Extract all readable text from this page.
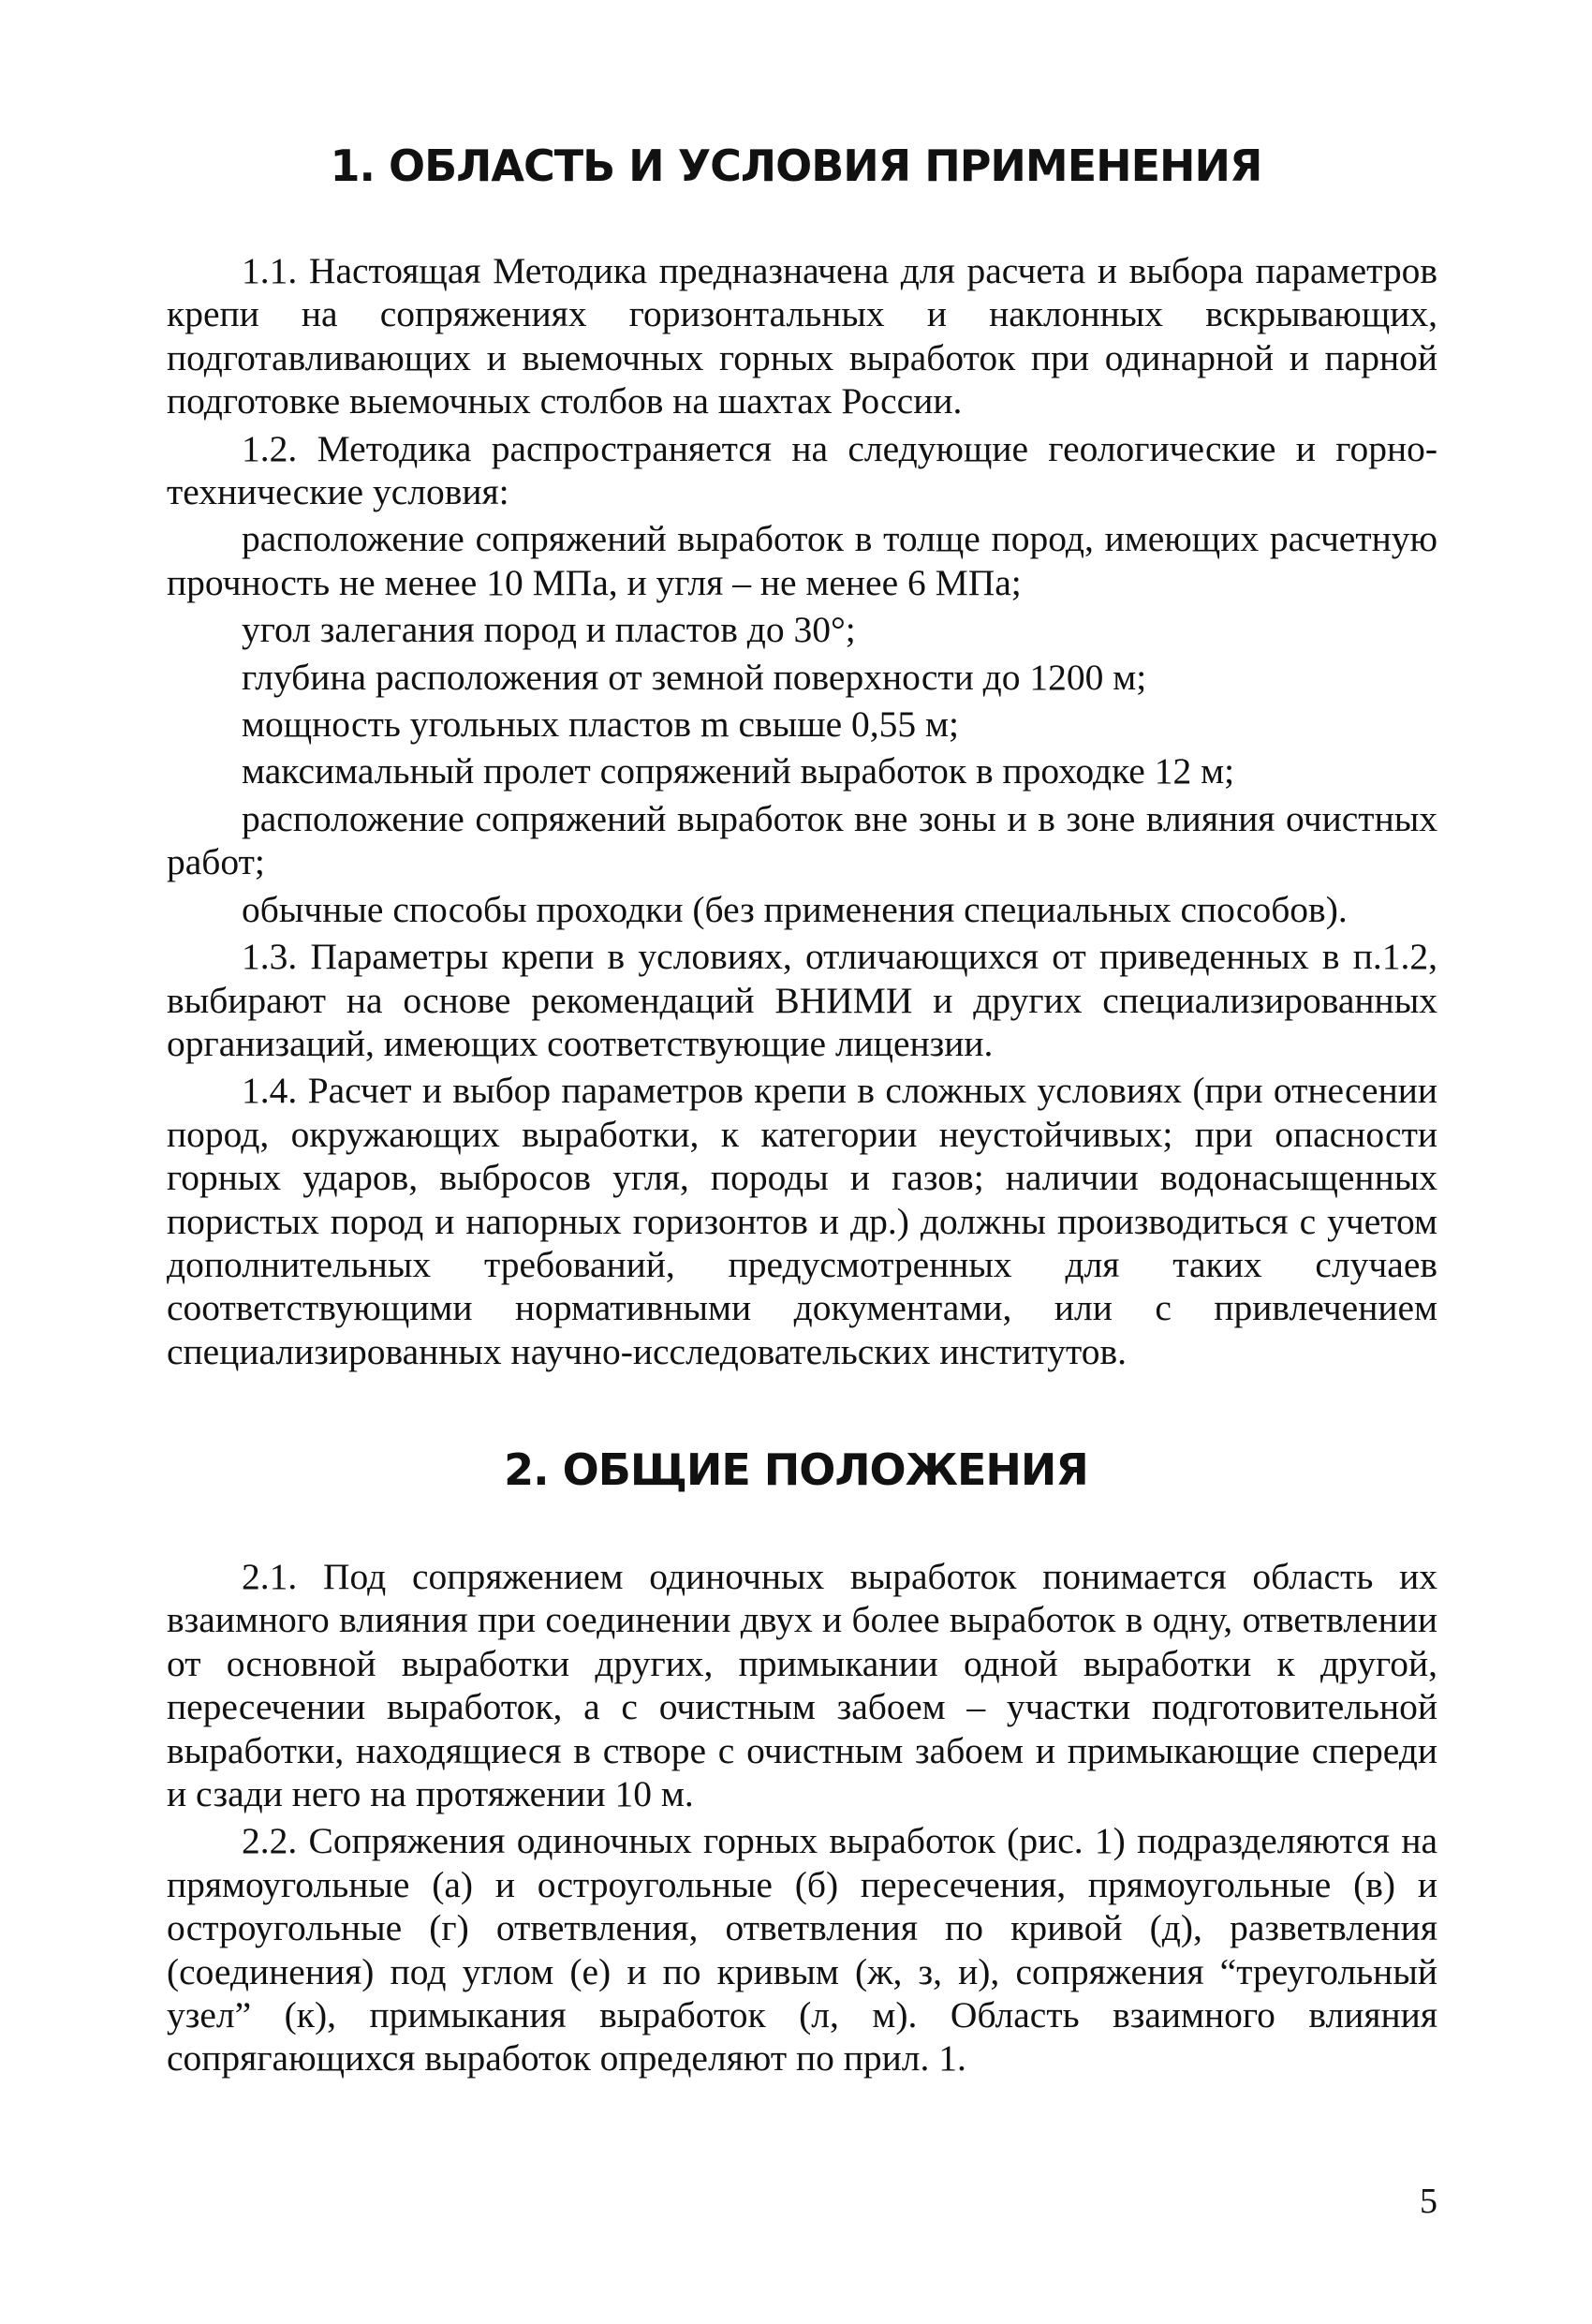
1. ОБЛАСТЬ И УСЛОВИЯ ПРИМЕНЕНИЯ

1.1. Настоящая Методика предназначена для расчета и выбора параметров крепи на сопряжениях горизонтальных и наклонных вскрывающих, подготавливающих и выемочных горных выработок при одинарной и парной подготовке выемочных столбов на шахтах России.

1.2. Методика распространяется на следующие геологические и горно-технические условия:

расположение сопряжений выработок в толще пород, имеющих расчетную прочность не менее 10 МПа, и угля – не менее 6 МПа;

угол залегания пород и пластов до 30°;

глубина расположения от земной поверхности до 1200 м;

мощность угольных пластов m свыше 0,55 м;

максимальный пролет сопряжений выработок в проходке 12 м;

расположение сопряжений выработок вне зоны и в зоне влияния очистных работ;

обычные способы проходки (без применения специальных способов).

1.3. Параметры крепи в условиях, отличающихся от приведенных в п.1.2, выбирают на основе рекомендаций ВНИМИ и других специализированных организаций, имеющих соответствующие лицензии.

1.4. Расчет и выбор параметров крепи в сложных условиях (при отнесении пород, окружающих выработки, к категории неустойчивых; при опасности горных ударов, выбросов угля, породы и газов; наличии водонасыщенных пористых пород и напорных горизонтов и др.) должны производиться с учетом дополнительных требований, предусмотренных для таких случаев соответствующими нормативными документами, или с привлечением специализированных научно-исследовательских институтов.

2. ОБЩИЕ ПОЛОЖЕНИЯ

2.1. Под сопряжением одиночных выработок понимается область их взаимного влияния при соединении двух и более выработок в одну, ответвлении от основной выработки других, примыкании одной выработки к другой, пересечении выработок, а с очистным забоем – участки подготовительной выработки, находящиеся в створе с очистным забоем и примыкающие спереди и сзади него на протяжении 10 м.

2.2. Сопряжения одиночных горных выработок (рис. 1) подразделяются на прямоугольные (а) и остроугольные (б) пересечения, прямоугольные (в) и остроугольные (г) ответвления, ответвления по кривой (д), разветвления (соединения) под углом (е) и по кривым (ж, з, и), сопряжения “треугольный узел” (к), примыкания выработок (л, м). Область взаимного влияния сопрягающихся выработок определяют по прил. 1.

5
